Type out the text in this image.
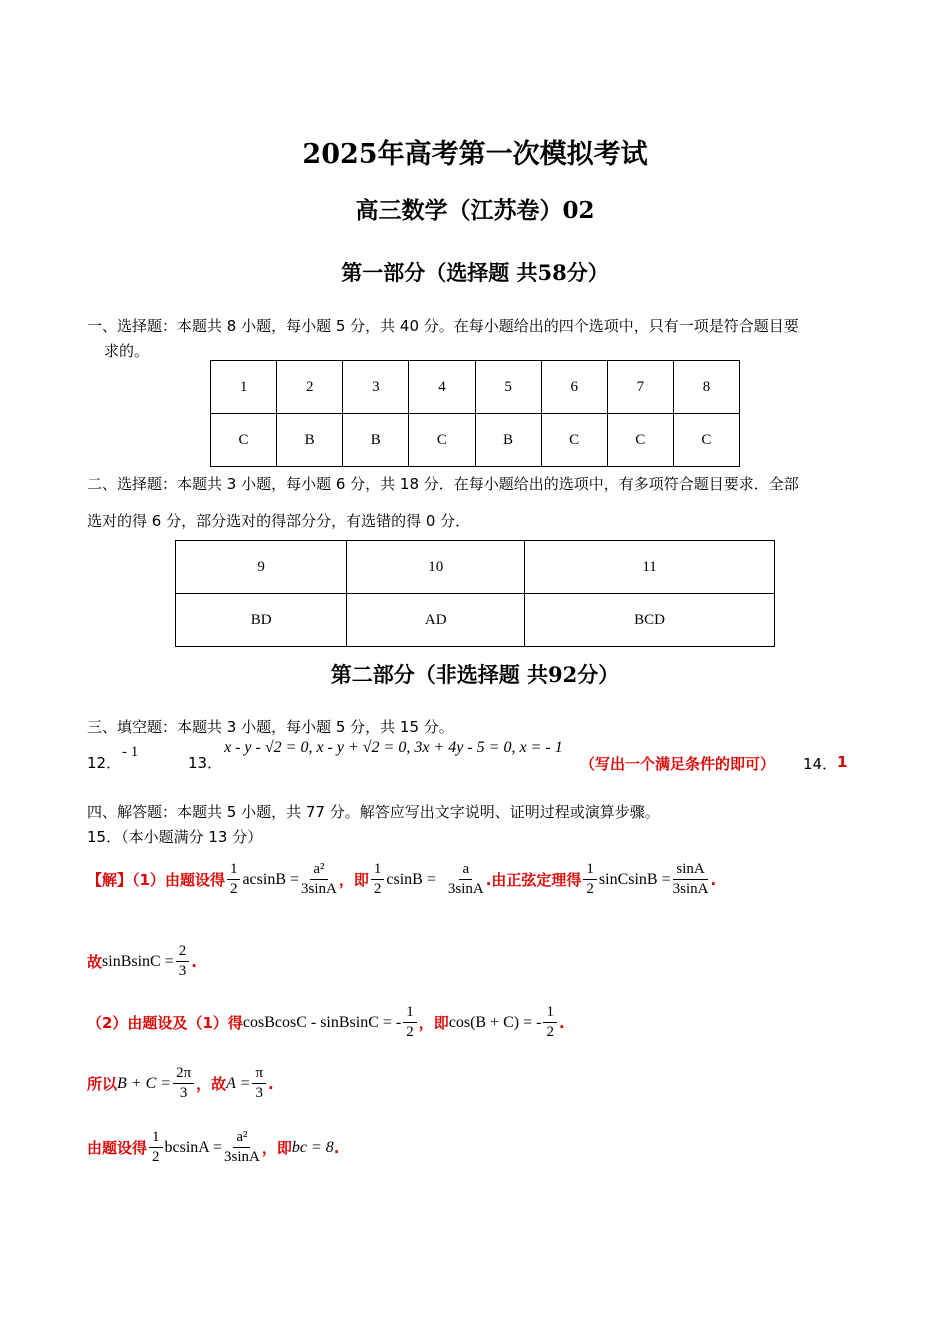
2025年高考第一次模拟考试
高三数学（江苏卷）02
第一部分（选择题 共58分）
一、选择题：本题共 8 小题，每小题 5 分，共 40 分。在每小题给出的四个选项中，只有一项是符合题目要
求的。
1	2	3	4	5	6	7	8
C	B	B	C	B	C	C	C
二、选择题：本题共 3 小题，每小题 6 分，共 18 分．在每小题给出的选项中，有多项符合题目要求．全部
选对的得 6 分，部分选对的得部分分，有选错的得 0 分．
9	10	11
BD	AD	BCD
第二部分（非选择题 共92分）
三、填空题：本题共 3 小题，每小题 5 分，共 15 分。
12．
- 1
13．
x - y - √2 = 0, x - y + √2 = 0, 3x + 4y - 5 = 0, x = - 1
（写出一个满足条件的即可） 14． 1
四、解答题：本题共 5 小题，共 77 分。解答应写出文字说明、证明过程或演算步骤。
15．（本小题满分 13 分）
【解】（1）由题设得 $\frac{1}{2}$ $acsinB = \frac{\text{a²}}{3\sin A}$ ，即 $\frac{1}{2}$ $csinB = \frac{a}{3\sin A}$ .由正弦定理得 $\frac{1}{2}$ sinCsinB = $\frac{\sin A}{3\sin A}$ .
故 sinBsinC = $\frac{2}{3}$ .
（2）由题设及（1）得 cosBcosC - sinBsinC = - $\frac{1}{2}$ ，即 cos(B + C) = - $\frac{1}{2}$ .
所以 $B + C = \frac{2\pi}{3}$ ，故 $A = \frac{\pi}{3}$ .
由题设得 $\frac{1}{2}$ $bcsinA = \frac{\text{a²}}{3\sin A}$ ，即 bc = 8 .
